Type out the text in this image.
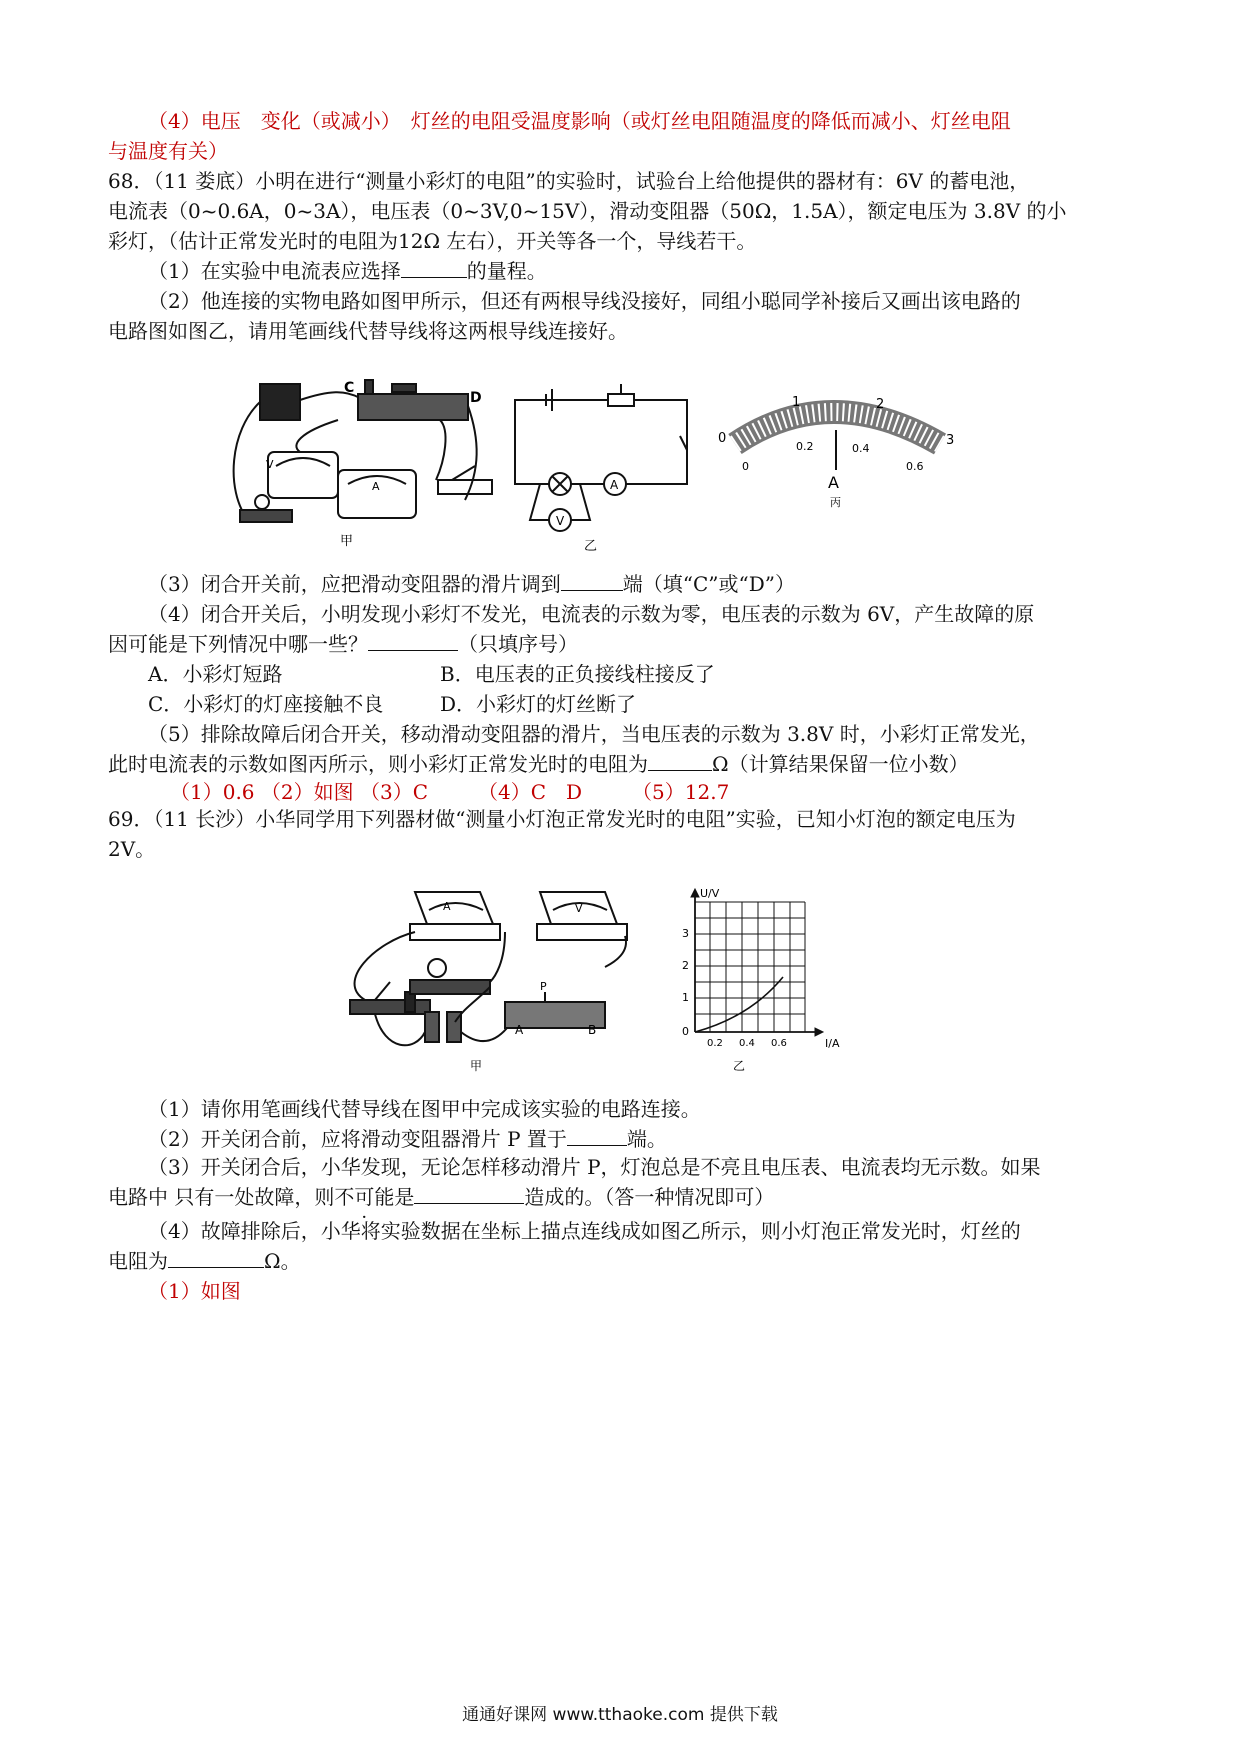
（4）电压　变化（或减小）　灯丝的电阻受温度影响（或灯丝电阻随温度的降低而减小、灯丝电阻
与温度有关）
68．（11 娄底）小明在进行“测量小彩灯的电阻”的实验时，试验台上给他提供的器材有：6V 的蓄电池，
电流表（0~0.6A，0~3A），电压表（0~3V,0~15V），滑动变阻器（50Ω，1.5A），额定电压为 3.8V 的小
彩灯，（估计正常发光时的电阻为12Ω 左右），开关等各一个，导线若干。
（1）在实验中电流表应选择	的量程。
（2）他连接的实物电路如图甲所示，但还有两根导线没接好，同组小聪同学补接后又画出该电路的
电路图如图乙，请用笔画线代替导线将这两根导线连接好。
V
A
C
D
甲
A
V
乙
0
1	2
3
0
0.2	0.4
0.6
A
丙
（3）闭合开关前，应把滑动变阻器的滑片调到	端（填“C”或“D”）
（4）闭合开关后，小明发现小彩灯不发光，电流表的示数为零，电压表的示数为 6V，产生故障的原
因可能是下列情况中哪一些？	（只填序号）
A．小彩灯短路	B．电压表的正负接线柱接反了
C．小彩灯的灯座接触不良	D．小彩灯的灯丝断了
（5）排除故障后闭合开关，移动滑动变阻器的滑片，当电压表的示数为 3.8V 时，小彩灯正常发光，
此时电流表的示数如图丙所示，则小彩灯正常发光时的电阻为	Ω（计算结果保留一位小数）
（1）0.6 （2）如图 （3）C　　　（4）C　D　　　（5）12.7
69．（11 长沙）小华同学用下列器材做“测量小灯泡正常发光时的电阻”实验，已知小灯泡的额定电压为
2V。
A	V
P
A	B
甲
U/V
I/A
0
1
2
3
0.2 0.4 0.6
乙
（1）请你用笔画线代替导线在图甲中完成该实验的电路连接。
（2）开关闭合前，应将滑动变阻器滑片 P 置于	端。
（3）开关闭合后，小华发现，无论怎样移动滑片 P，灯泡总是不亮且电压表、电流表均无示数。如果
电路中 只有一处故障，则不可能是	造成的。（答一种情况即可）
（4）故障排除后，小华将实验数据在坐标上描点连线成如图乙所示，则小灯泡正常发光时，灯丝的
电阻为	Ω。
（1）如图
通通好课网 www.tthaoke.com 提供下载
